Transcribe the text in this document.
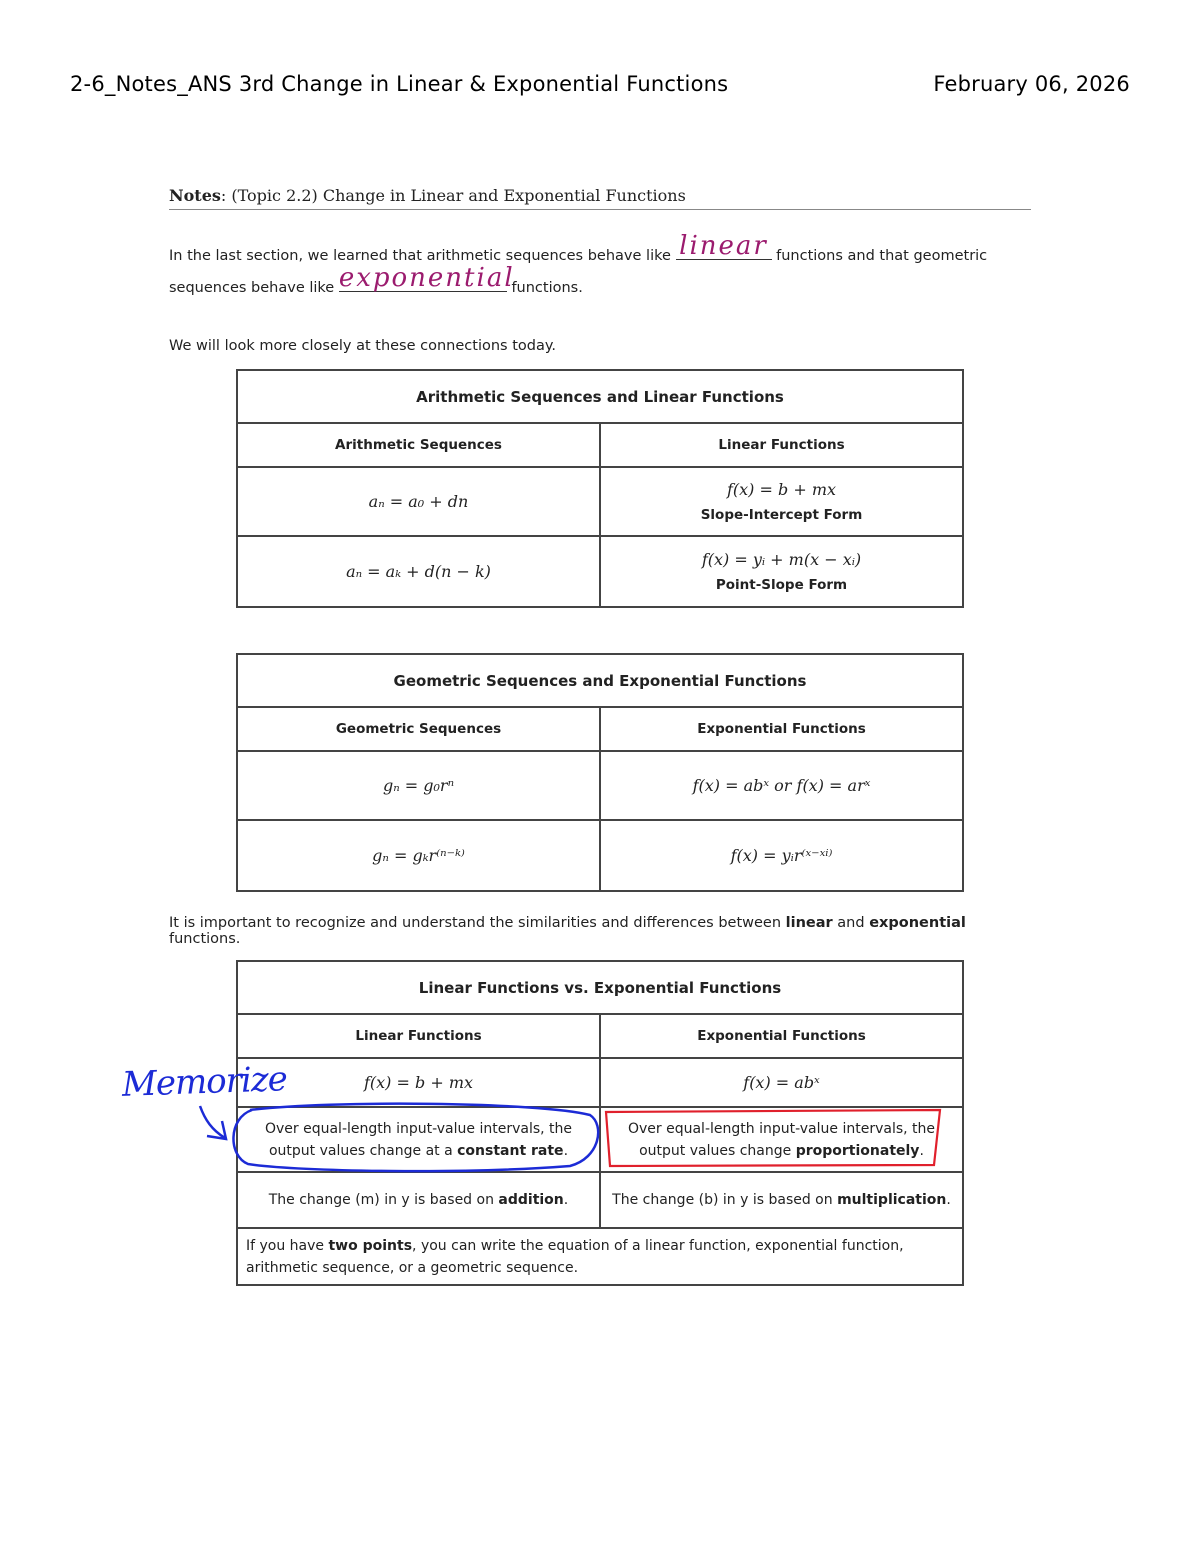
2-6_Notes_ANS 3rd Change in Linear & Exponential Functions	February 06, 2026
Notes: (Topic 2.2) Change in Linear and Exponential Functions
In the last section, we learned that arithmetic sequences behave like linear functions and that geometric sequences behave like exponential
functions.
We will look more closely at these connections today.
Arithmetic Sequences and Linear Functions	
Arithmetic Sequences	Linear Functions
aₙ = a₀ + dn	f(x) = b + mx
Slope-Intercept Form

aₙ = aₖ + d(n − k)	f(x) = yᵢ + m(x − xᵢ)
Point-Slope Form
Geometric Sequences and Exponential Functions	
Geometric Sequences	Exponential Functions
gₙ = g₀rⁿ	f(x) = abˣ or f(x) = arˣ
gₙ = gₖr⁽ⁿ⁻ᵏ⁾	f(x) = yᵢr⁽ˣ⁻ˣⁱ⁾
It is important to recognize and understand the similarities and differences between linear and exponential functions.
Linear Functions vs. Exponential Functions	
Linear Functions	Exponential Functions
f(x) = b + mx	f(x) = abˣ
Over equal-length input-value intervals, the output values change at a constant rate.	Over equal-length input-value intervals, the output values change proportionately.
The change (m) in y is based on addition.	The change (b) in y is based on multiplication.
If you have two points, you can write the equation of a linear function, exponential function, arithmetic sequence, or a geometric sequence.	
Memorize
